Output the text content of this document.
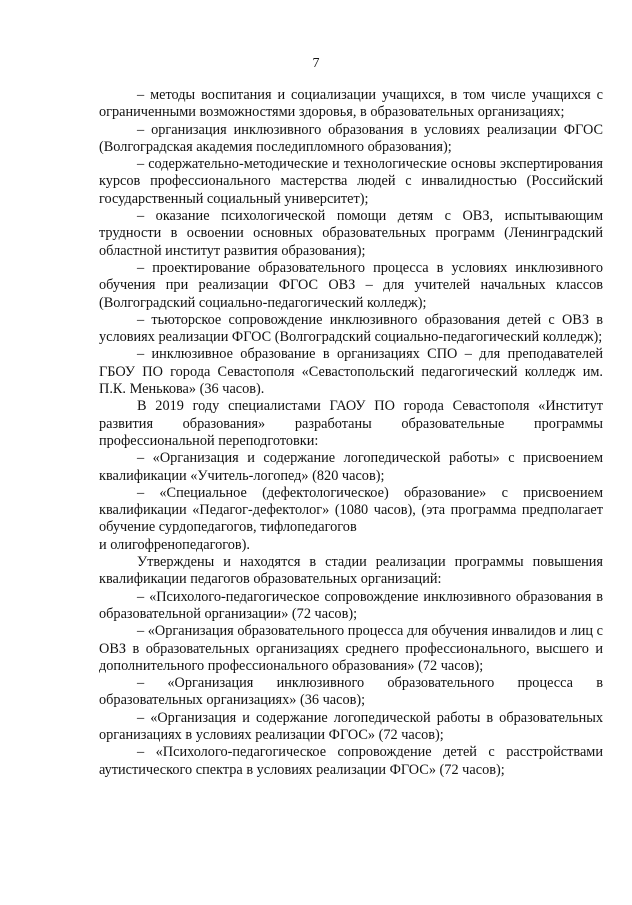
7

– методы воспитания и социализации учащихся, в том числе учащихся с ограниченными возможностями здоровья, в образовательных организациях;

– организация инклюзивного образования в условиях реализации ФГОС (Волгоградская академия последипломного образования);

– содержательно-методические и технологические основы экспертирования курсов профессионального мастерства людей с инвалидностью (Российский государственный социальный университет);

– оказание психологической помощи детям с ОВЗ, испытывающим трудности в освоении основных образовательных программ (Ленинградский областной институт развития образования);

– проектирование образовательного процесса в условиях инклюзивного обучения при реализации ФГОС ОВЗ – для учителей начальных классов (Волгоградский социально-педагогический колледж);

– тьюторское сопровождение инклюзивного образования детей с ОВЗ в условиях реализации ФГОС (Волгоградский социально-педагогический колледж);

– инклюзивное образование в организациях СПО – для преподавателей ГБОУ ПО города Севастополя «Севастопольский педагогический колледж им. П.К. Менькова» (36 часов).

В 2019 году специалистами ГАОУ ПО города Севастополя «Институт развития образования» разработаны образовательные программы профессиональной переподготовки:

– «Организация и содержание логопедической работы» с присвоением квалификации «Учитель-логопед» (820 часов);

– «Специальное (дефектологическое) образование» с присвоением квалификации «Педагог-дефектолог» (1080 часов), (эта программа предполагает обучение сурдопедагогов, тифлопедагогов

и олигофренопедагогов).

Утверждены и находятся в стадии реализации программы повышения квалификации педагогов образовательных организаций:

– «Психолого-педагогическое сопровождение инклюзивного образования в образовательной организации» (72 часов);

– «Организация образовательного процесса для обучения инвалидов и лиц с ОВЗ в образовательных организациях среднего профессионального, высшего и дополнительного профессионального образования» (72 часов);

– «Организация инклюзивного образовательного процесса в образовательных организациях» (36 часов);

– «Организация и содержание логопедической работы в образовательных организациях в условиях реализации ФГОС» (72 часов);

– «Психолого-педагогическое сопровождение детей с расстройствами аутистического спектра в условиях реализации ФГОС» (72 часов);
